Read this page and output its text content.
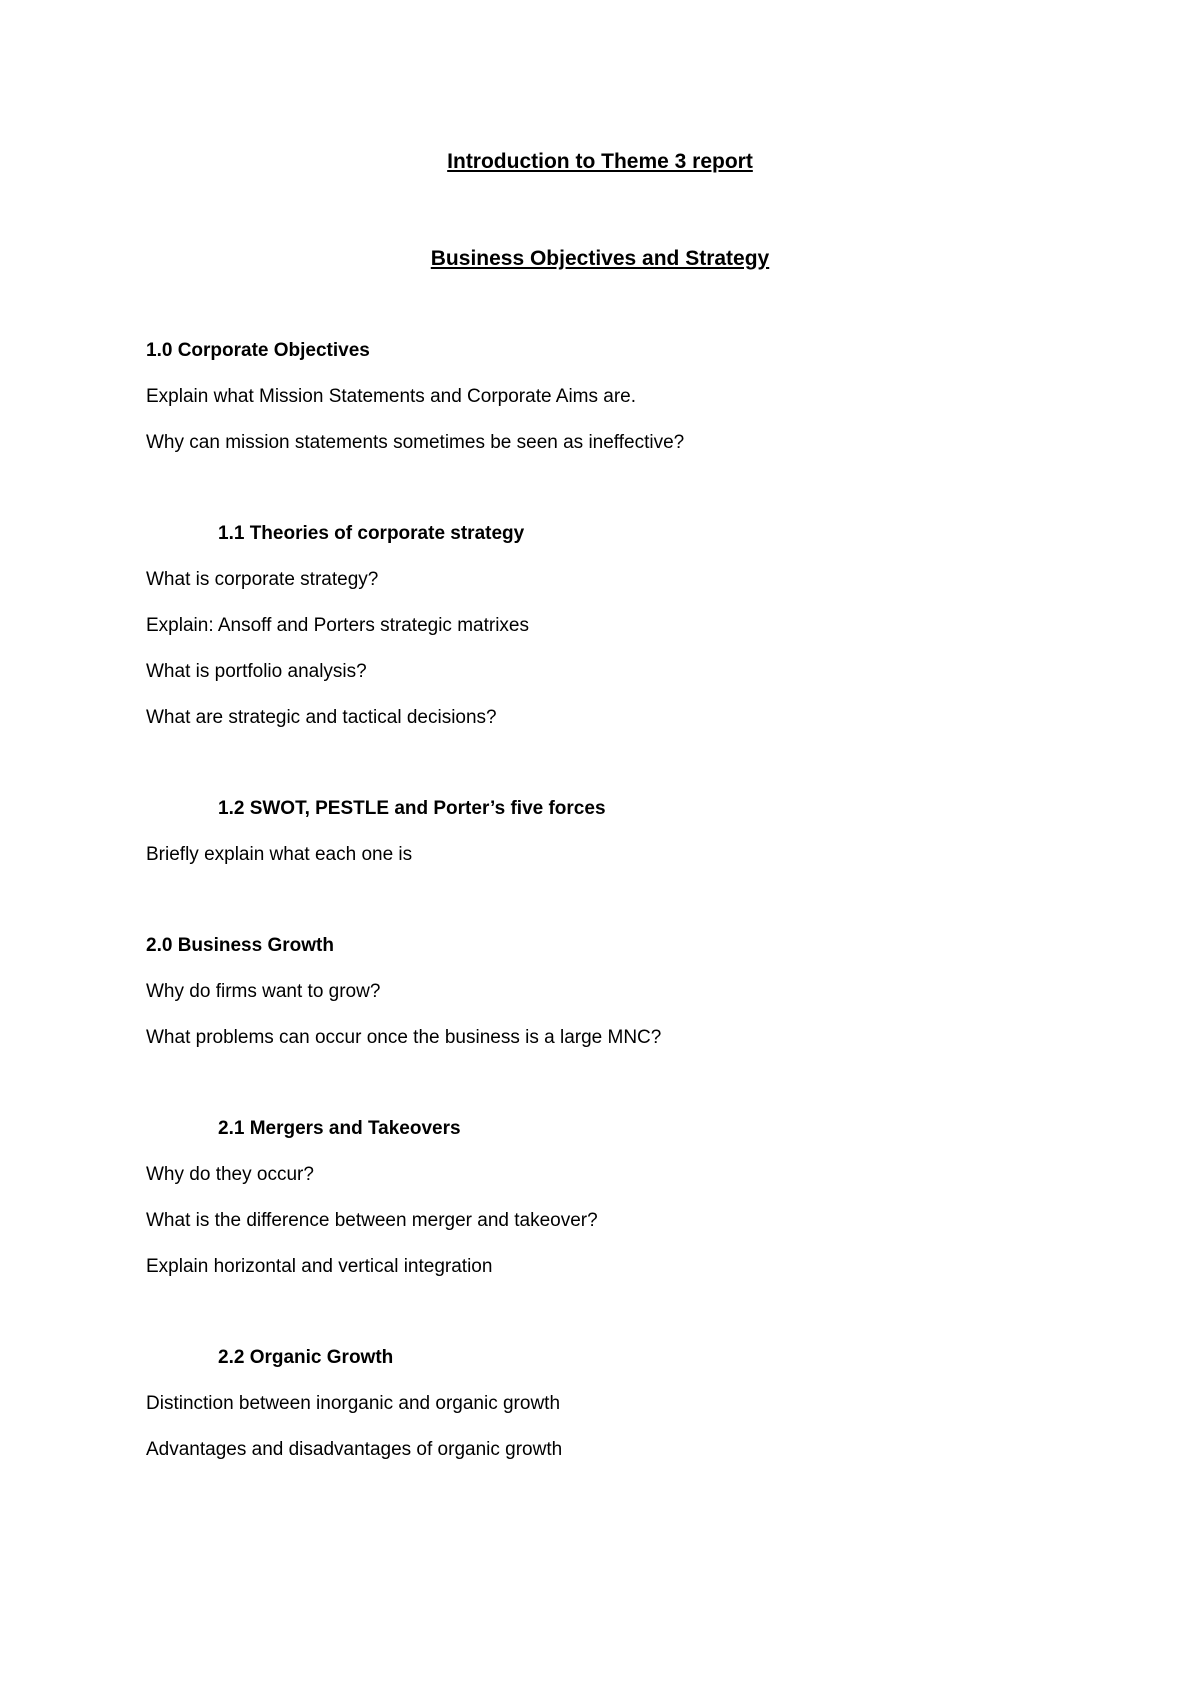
Introduction to Theme 3 report
Business Objectives and Strategy

1.0 Corporate Objectives

Explain what Mission Statements and Corporate Aims are.

Why can mission statements sometimes be seen as ineffective?

1.1 Theories of corporate strategy

What is corporate strategy?

Explain: Ansoff and Porters strategic matrixes

What is portfolio analysis?

What are strategic and tactical decisions?

1.2 SWOT, PESTLE and Porter’s five forces

Briefly explain what each one is

2.0 Business Growth

Why do firms want to grow?

What problems can occur once the business is a large MNC?

2.1 Mergers and Takeovers

Why do they occur?

What is the difference between merger and takeover?

Explain horizontal and vertical integration

2.2 Organic Growth

Distinction between inorganic and organic growth

Advantages and disadvantages of organic growth
